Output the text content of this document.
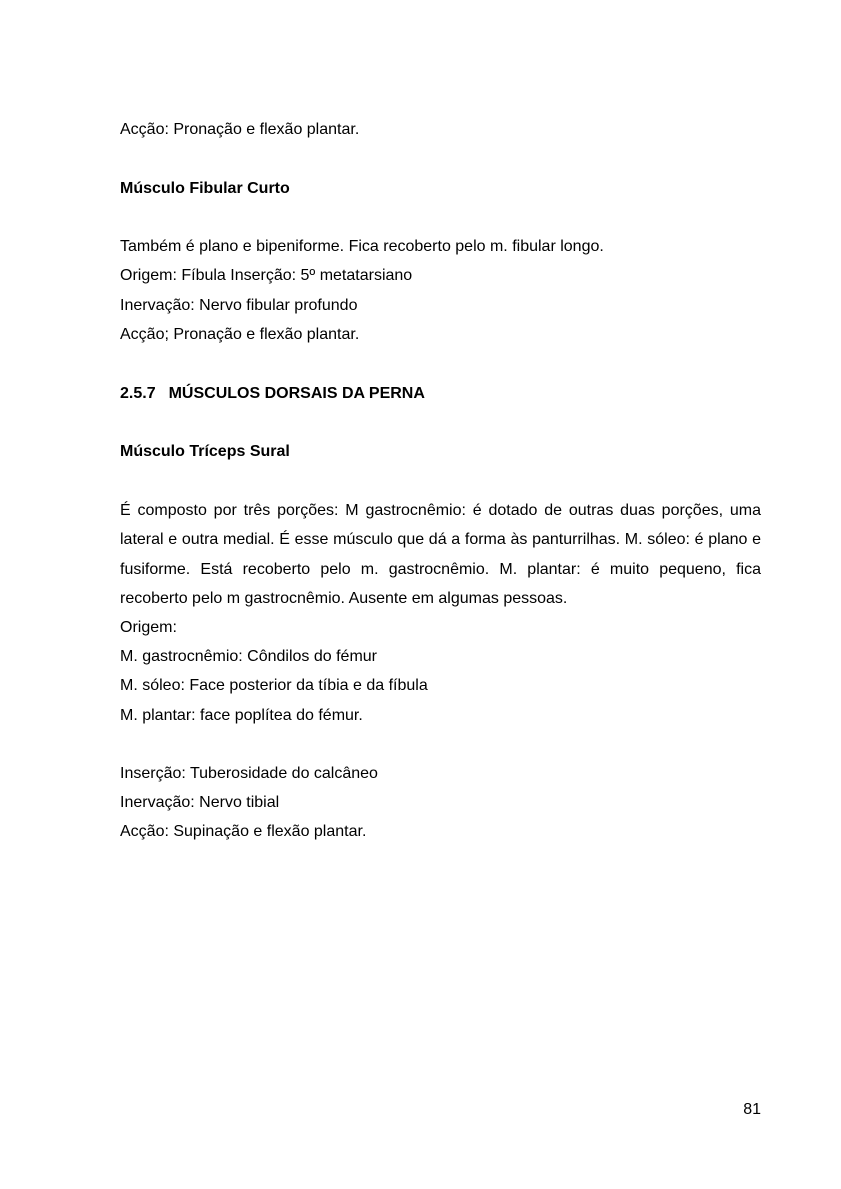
Acção: Pronação e flexão plantar.
Músculo Fibular Curto
Também é plano e bipeniforme. Fica recoberto pelo m. fibular longo.
Origem: Fíbula Inserção: 5º metatarsiano
Inervação: Nervo fibular profundo
Acção; Pronação e flexão plantar.
2.5.7 MÚSCULOS DORSAIS DA PERNA
Músculo Tríceps Sural
É composto por três porções: M gastrocnêmio: é dotado de outras duas porções, uma lateral e outra medial. É esse músculo que dá a forma às panturrilhas. M. sóleo: é plano e fusiforme. Está recoberto pelo m. gastrocnêmio. M. plantar: é muito pequeno, fica recoberto pelo m gastrocnêmio. Ausente em algumas pessoas.
Origem:
M. gastrocnêmio: Côndilos do fémur
M. sóleo: Face posterior da tíbia e da fíbula
M. plantar: face poplítea do fémur.
Inserção: Tuberosidade do calcâneo
Inervação: Nervo tibial
Acção: Supinação e flexão plantar.
81
